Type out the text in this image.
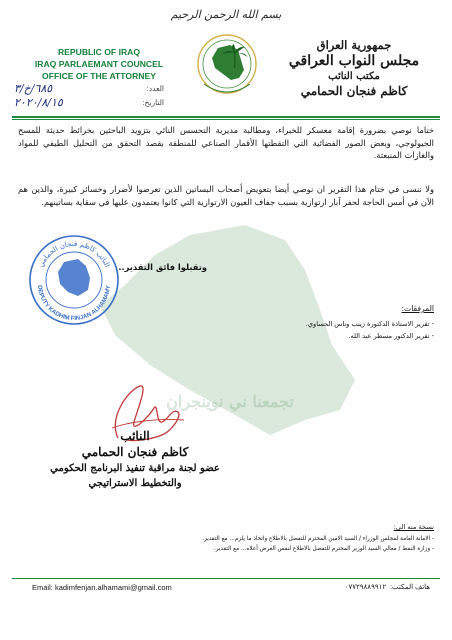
تجمعنا ني نوينجران
بسم الله الرحمن الرحيم
REPUBLIC OF IRAQ
IRAQ PARLAEMANT COUNCEL
OFFICE OF THE ATTORNEY
جمهورية العراق
مجلس النواب العراقي
مكتب النائب
كاظم فنجان الحمامي
العدد:
٦٨٥/خ/٣
التاريخ:
٢٠٢٠/٨/١٥

ختاما نوصي بضرورة إقامة معسكر للخبراء، ومطالبة مديرية التحسس النائي بتزويد الباحثين بخرائط حديثة للمسح الجيولوجي، وبعض الصور الفضائية التي التقطتها الأقمار الصناعي للمنطقة بقصد التحقق من التحليل الطيفي للمواد والغازات المنبعثة.

ولا ننسى في ختام هذا التقرير ان نوصي أيضا بتعويض أصحاب البساتين الذين تعرضوا لأضرار وخسائر كبيرة، والذين هم الآن في أمس الحاجة لحفر آبار ارتوازية بسبب جفاف العيون الارتوازية التي كانوا يعتمدون عليها في سقاية بساتينهم.

وتقبلوا فائق التقدير...
النائب كاظم فنجان الحمامي
DEPUTY KADHIM FINJAN ALHAMAMY
المرفقات:
- تقرير الاستاذة الدكتورة زينب وناس الحساوي.
- تقرير الدكتور مسطر عبد الله.
النائب
كاظم فنجان الحمامي
عضو لجنة مراقبة تنفيذ البرنامج الحكومي
والتخطيط الاستراتيجي
نسخة منه الى:
- الامانة العامة لمجلس الوزراء / السيد الامين المحترم للتفضل بالاطلاع واتخاذ ما يلزم... مع التقدير.
- وزارة النفط / معالي السيد الوزير المحترم للتفضل بالاطلاع لنفس الغرض أعلاه... مع التقدير.
Email: kadimfenjan.alhamami@gmail.com	هاتف المكتب:
٠٧٧٢٩٨٨٩٩١٢
